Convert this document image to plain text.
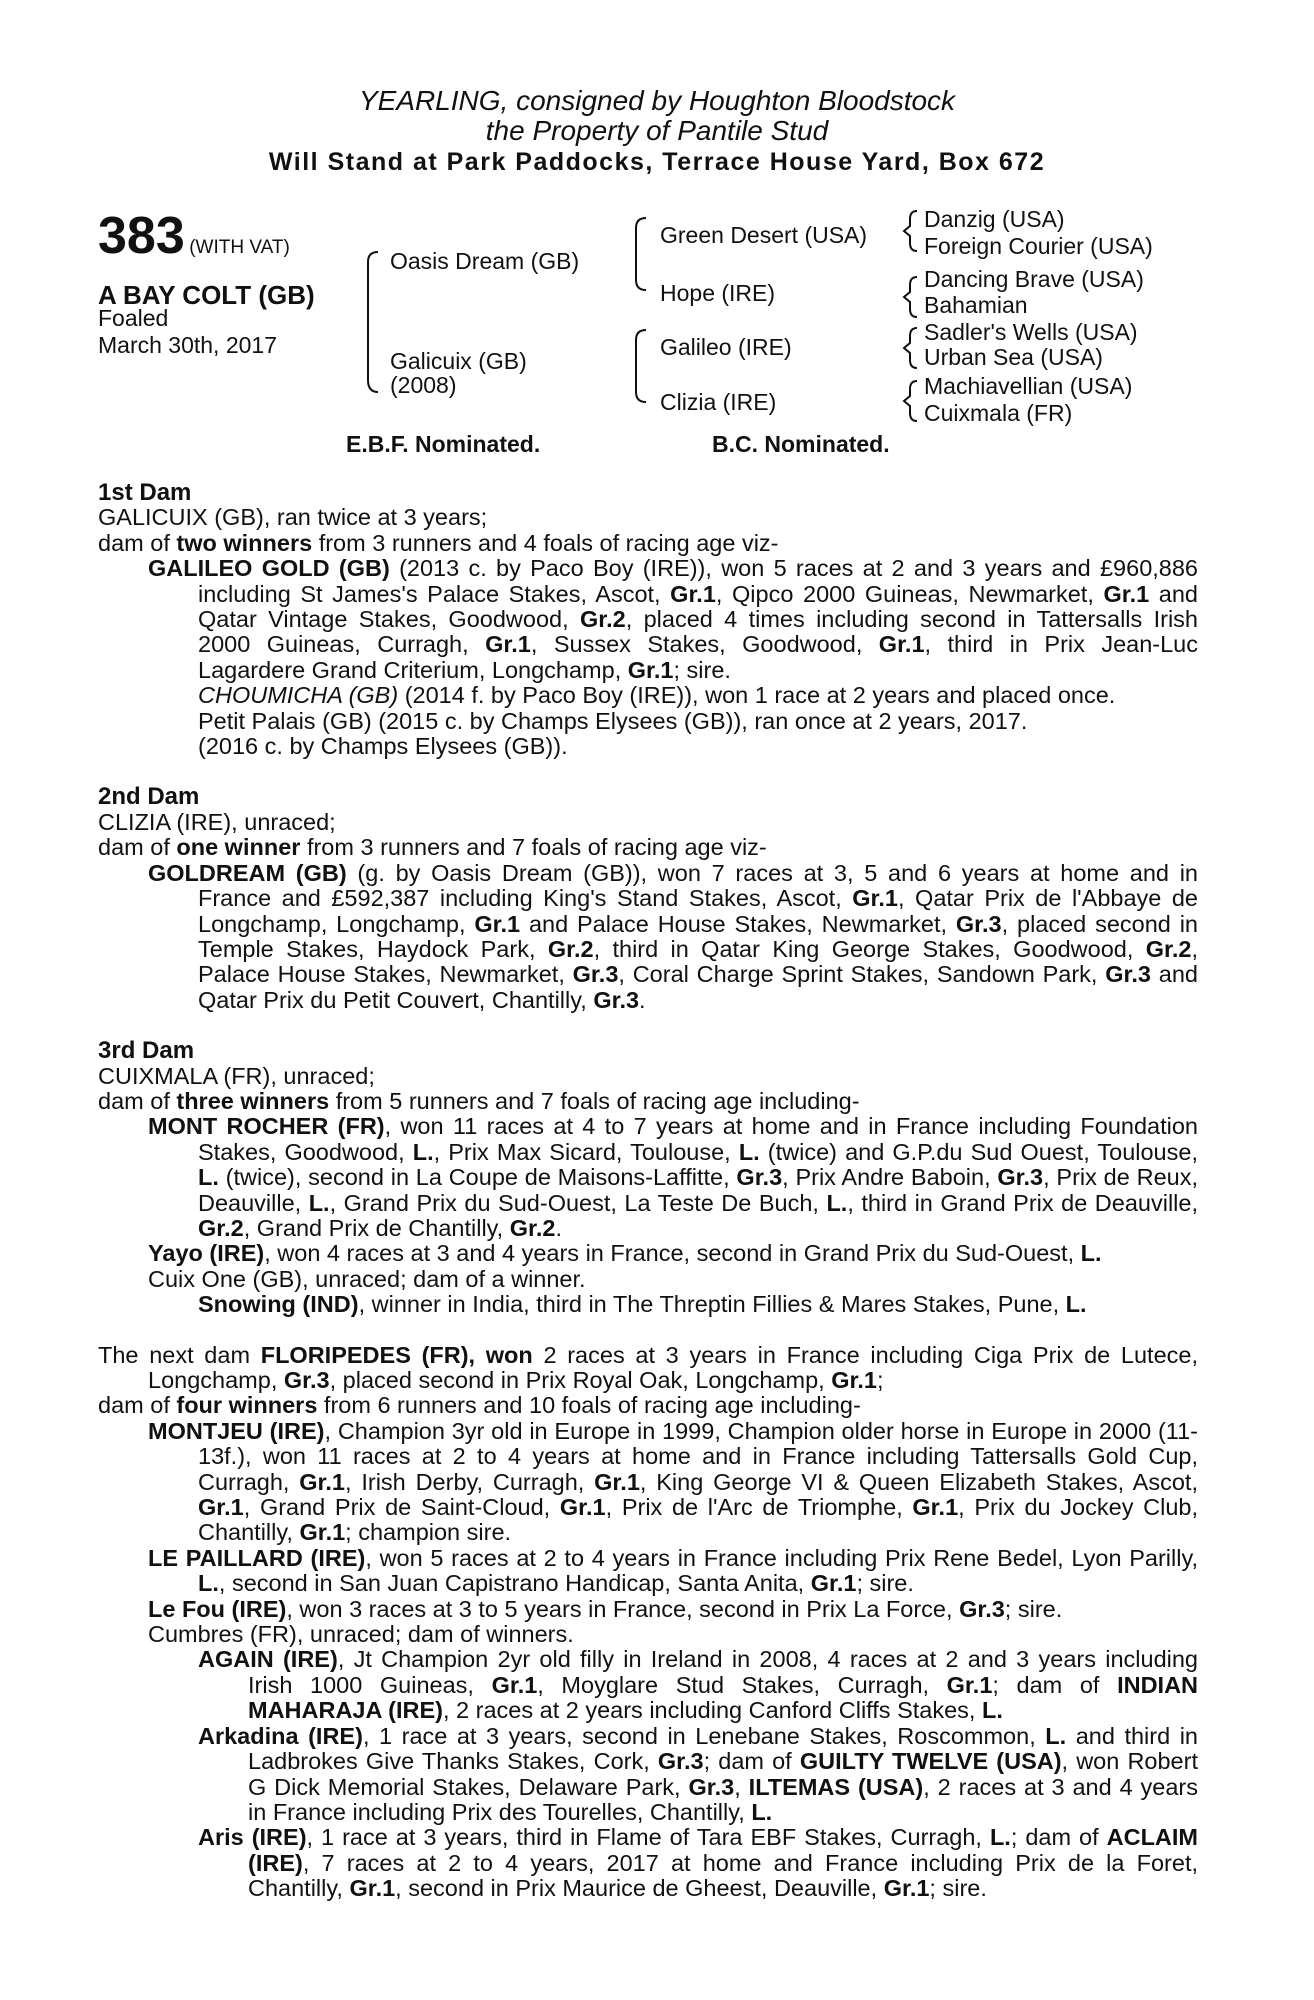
YEARLING, consigned by Houghton Bloodstock
the Property of Pantile Stud
Will Stand at Park Paddocks, Terrace House Yard, Box 672
383 (WITH VAT)
A BAY COLT (GB)
Foaled
March 30th, 2017
Oasis Dream (GB)
Galicuix (GB)
(2008)
Green Desert (USA)
Hope (IRE)
Galileo (IRE)
Clizia (IRE)
Danzig (USA)
Foreign Courier (USA)
Dancing Brave (USA)
Bahamian
Sadler's Wells (USA)
Urban Sea (USA)
Machiavellian (USA)
Cuixmala (FR)
E.B.F. Nominated.	B.C. Nominated.

1st Dam

GALICUIX (GB), ran twice at 3 years;

dam of two winners from 3 runners and 4 foals of racing age viz-

GALILEO GOLD (GB) (2013 c. by Paco Boy (IRE)), won 5 races at 2 and 3 years and £960,886 including St James's Palace Stakes, Ascot, Gr.1, Qipco 2000 Guineas, Newmarket, Gr.1 and Qatar Vintage Stakes, Goodwood, Gr.2, placed 4 times including second in Tattersalls Irish 2000 Guineas, Curragh, Gr.1, Sussex Stakes, Goodwood, Gr.1, third in Prix Jean-Luc Lagardere Grand Criterium, Longchamp, Gr.1; sire.

CHOUMICHA (GB) (2014 f. by Paco Boy (IRE)), won 1 race at 2 years and placed once.

Petit Palais (GB) (2015 c. by Champs Elysees (GB)), ran once at 2 years, 2017.

(2016 c. by Champs Elysees (GB)).

2nd Dam

CLIZIA (IRE), unraced;

dam of one winner from 3 runners and 7 foals of racing age viz-

GOLDREAM (GB) (g. by Oasis Dream (GB)), won 7 races at 3, 5 and 6 years at home and in France and £592,387 including King's Stand Stakes, Ascot, Gr.1, Qatar Prix de l'Abbaye de Longchamp, Longchamp, Gr.1 and Palace House Stakes, Newmarket, Gr.3, placed second in Temple Stakes, Haydock Park, Gr.2, third in Qatar King George Stakes, Goodwood, Gr.2, Palace House Stakes, Newmarket, Gr.3, Coral Charge Sprint Stakes, Sandown Park, Gr.3 and Qatar Prix du Petit Couvert, Chantilly, Gr.3.

3rd Dam

CUIXMALA (FR), unraced;

dam of three winners from 5 runners and 7 foals of racing age including-

MONT ROCHER (FR), won 11 races at 4 to 7 years at home and in France including Foundation Stakes, Goodwood, L., Prix Max Sicard, Toulouse, L. (twice) and G.P.du Sud Ouest, Toulouse, L. (twice), second in La Coupe de Maisons-Laffitte, Gr.3, Prix Andre Baboin, Gr.3, Prix de Reux, Deauville, L., Grand Prix du Sud-Ouest, La Teste De Buch, L., third in Grand Prix de Deauville, Gr.2, Grand Prix de Chantilly, Gr.2.

Yayo (IRE), won 4 races at 3 and 4 years in France, second in Grand Prix du Sud-Ouest, L.

Cuix One (GB), unraced; dam of a winner.

Snowing (IND), winner in India, third in The Threptin Fillies & Mares Stakes, Pune, L.

The next dam FLORIPEDES (FR), won 2 races at 3 years in France including Ciga Prix de Lutece, Longchamp, Gr.3, placed second in Prix Royal Oak, Longchamp, Gr.1;

dam of four winners from 6 runners and 10 foals of racing age including-

MONTJEU (IRE), Champion 3yr old in Europe in 1999, Champion older horse in Europe in 2000 (11-13f.), won 11 races at 2 to 4 years at home and in France including Tattersalls Gold Cup, Curragh, Gr.1, Irish Derby, Curragh, Gr.1, King George VI & Queen Elizabeth Stakes, Ascot, Gr.1, Grand Prix de Saint-Cloud, Gr.1, Prix de l'Arc de Triomphe, Gr.1, Prix du Jockey Club, Chantilly, Gr.1; champion sire.

LE PAILLARD (IRE), won 5 races at 2 to 4 years in France including Prix Rene Bedel, Lyon Parilly, L., second in San Juan Capistrano Handicap, Santa Anita, Gr.1; sire.

Le Fou (IRE), won 3 races at 3 to 5 years in France, second in Prix La Force, Gr.3; sire.

Cumbres (FR), unraced; dam of winners.

AGAIN (IRE), Jt Champion 2yr old filly in Ireland in 2008, 4 races at 2 and 3 years including Irish 1000 Guineas, Gr.1, Moyglare Stud Stakes, Curragh, Gr.1; dam of INDIAN MAHARAJA (IRE), 2 races at 2 years including Canford Cliffs Stakes, L.

Arkadina (IRE), 1 race at 3 years, second in Lenebane Stakes, Roscommon, L. and third in Ladbrokes Give Thanks Stakes, Cork, Gr.3; dam of GUILTY TWELVE (USA), won Robert G Dick Memorial Stakes, Delaware Park, Gr.3, ILTEMAS (USA), 2 races at 3 and 4 years in France including Prix des Tourelles, Chantilly, L.

Aris (IRE), 1 race at 3 years, third in Flame of Tara EBF Stakes, Curragh, L.; dam of ACLAIM (IRE), 7 races at 2 to 4 years, 2017 at home and France including Prix de la Foret, Chantilly, Gr.1, second in Prix Maurice de Gheest, Deauville, Gr.1; sire.
